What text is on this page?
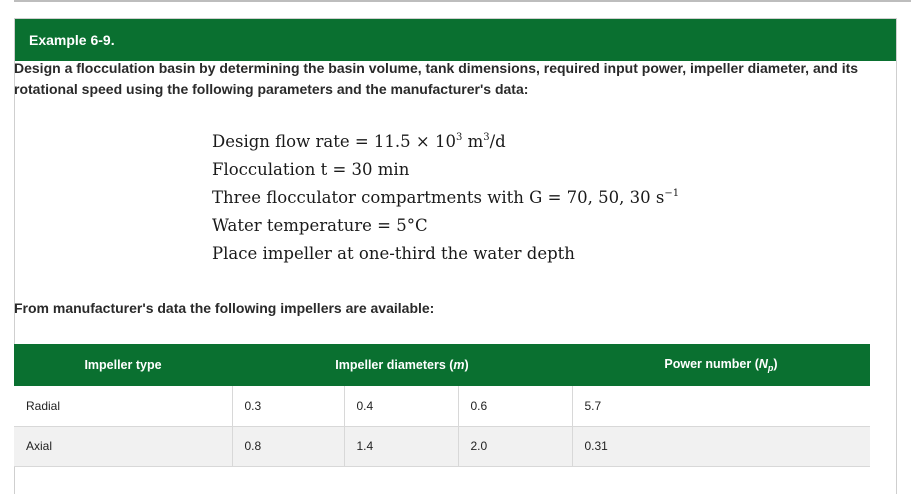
Example 6-9.
Design a flocculation basin by determining the basin volume, tank dimensions, required input power, impeller diameter, and its rotational speed using the following parameters and the manufacturer's data:
Design flow rate = $11.5 \times 10^3$ $m^3/d$
Flocculation t = 30 min
Three flocculator compartments with G = 70, 50, 30 $s^{-1}$
Water temperature = 5°C
Place impeller at one-third the water depth
From manufacturer's data the following impellers are available:
Impeller type	Impeller diameters (m)			Power number $(N_p)$
Radial	0.3	0.4	0.6	5.7
Axial	0.8	1.4	2.0	0.31
